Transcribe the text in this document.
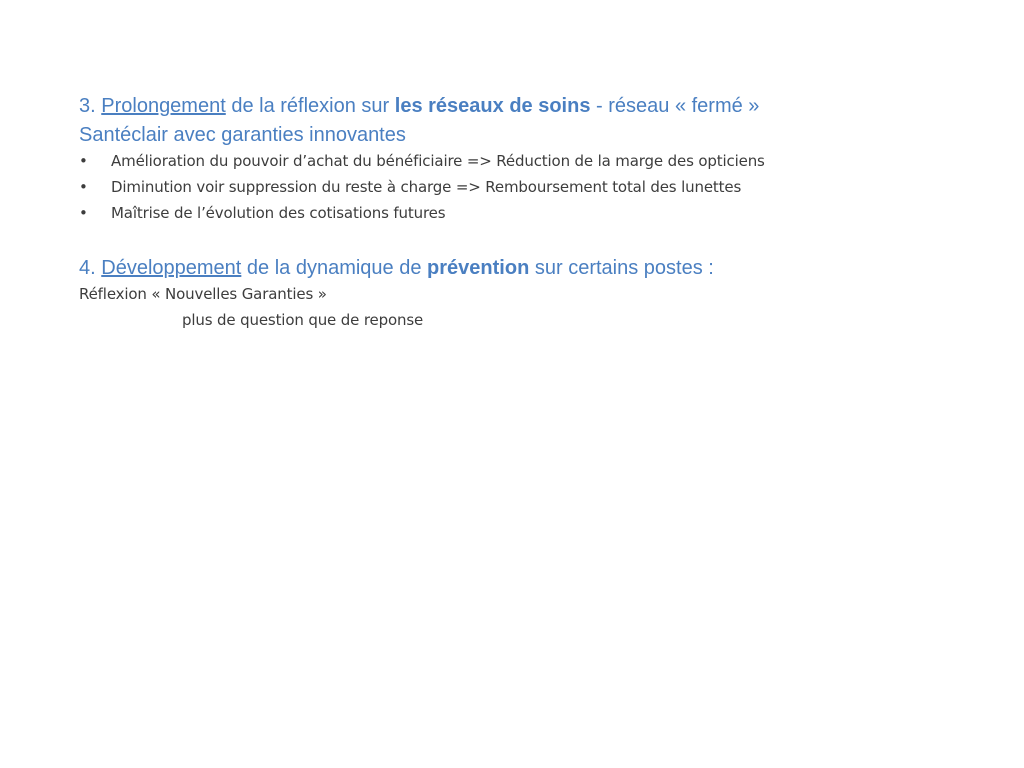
3. Prolongement de la réflexion sur les réseaux de soins - réseau « fermé »
Santéclair avec garanties innovantes
• Amélioration du pouvoir d’achat du bénéficiaire => Réduction de la marge des opticiens
• Diminution voir suppression du reste à charge => Remboursement total des lunettes
• Maîtrise de l’évolution des cotisations futures
4. Développement de la dynamique de prévention sur certains postes :
Réflexion « Nouvelles Garanties »
plus de question que de reponse
